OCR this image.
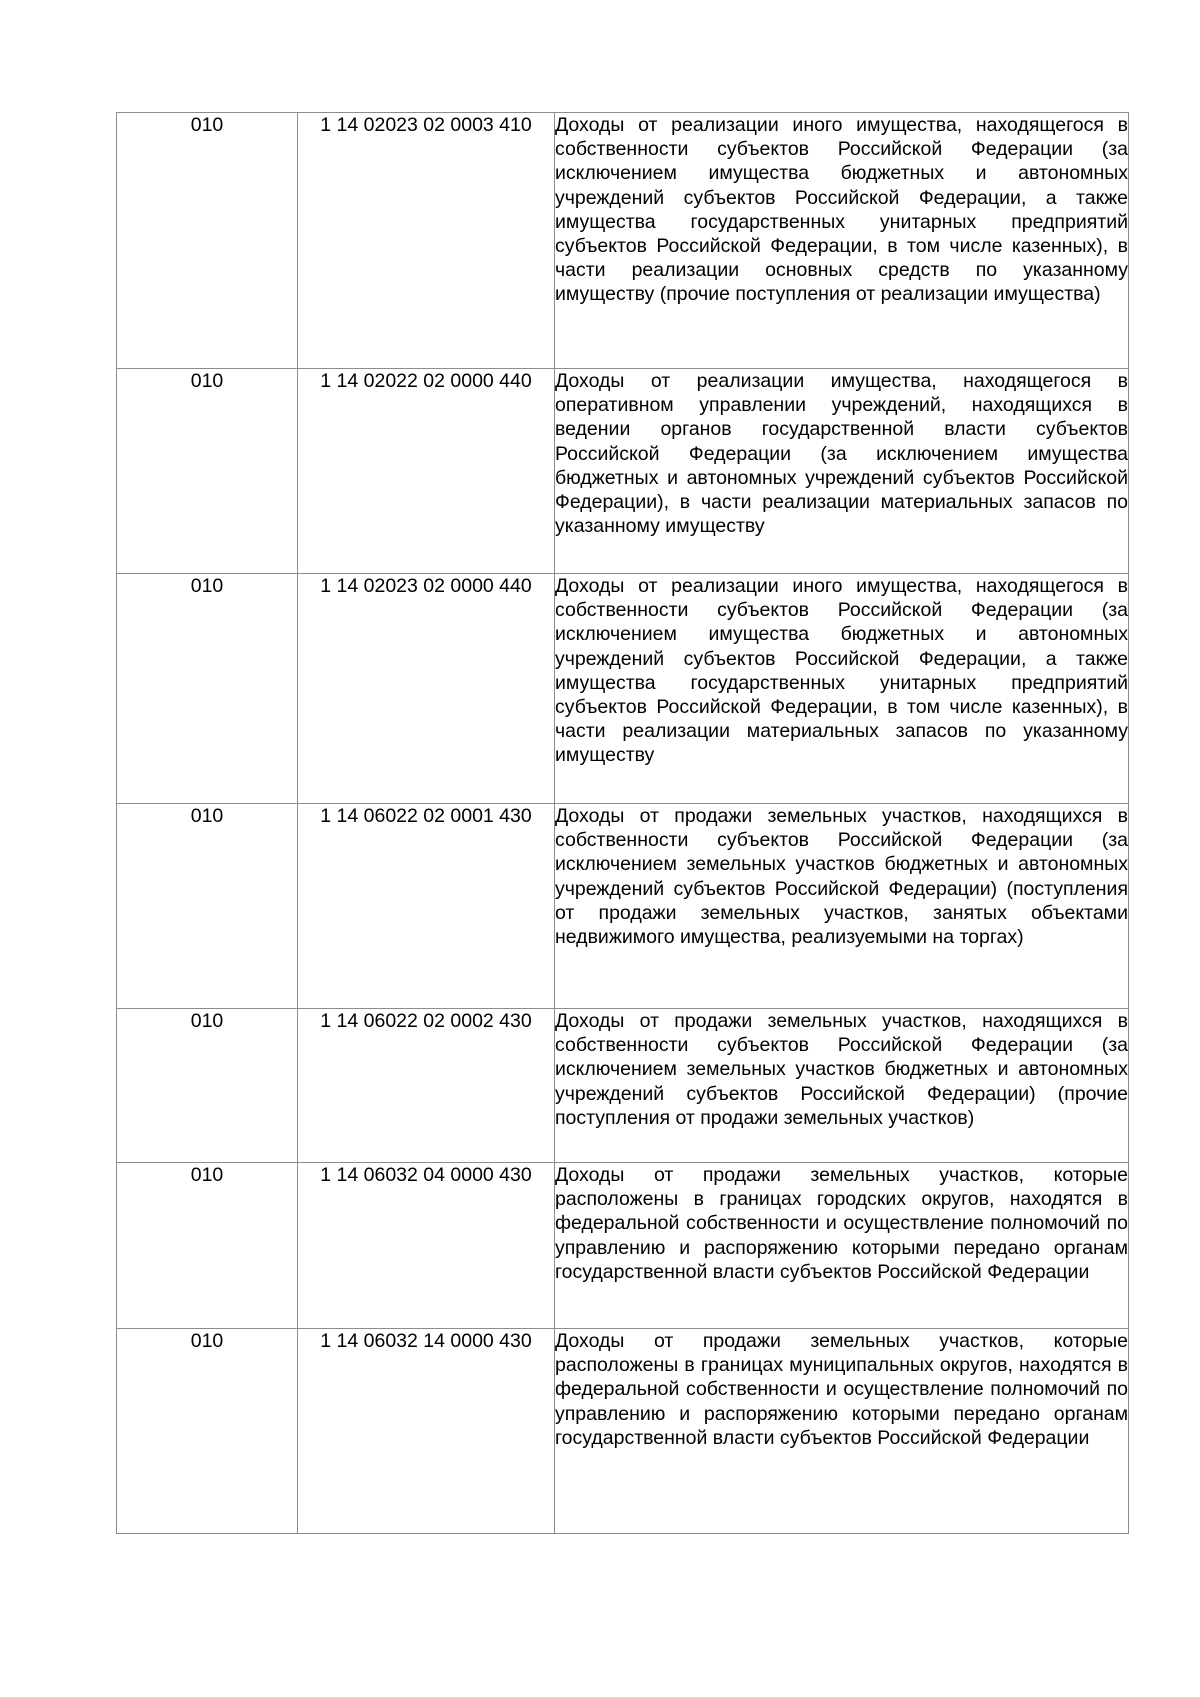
010	1 14 02023 02 0003 410	Доходы от реализации иного имущества, находящегося в собственности субъектов Российской Федерации (за исключением имущества бюджетных и автономных учреждений субъектов Российской Федерации, а также имущества государственных унитарных предприятий субъектов Российской Федерации, в том числе казенных), в части реализации основных средств по указанному имуществу (прочие поступления от реализации имущества)
010	1 14 02022 02 0000 440	Доходы от реализации имущества, находящегося в оперативном управлении учреждений, находящихся в ведении органов государственной власти субъектов Российской Федерации (за исключением имущества бюджетных и автономных учреждений субъектов Российской Федерации), в части реализации материальных запасов по указанному имуществу
010	1 14 02023 02 0000 440	Доходы от реализации иного имущества, находящегося в собственности субъектов Российской Федерации (за исключением имущества бюджетных и автономных учреждений субъектов Российской Федерации, а также имущества государственных унитарных предприятий субъектов Российской Федерации, в том числе казенных), в части реализации материальных запасов по указанному имуществу
010	1 14 06022 02 0001 430	Доходы от продажи земельных участков, находящихся в собственности субъектов Российской Федерации (за исключением земельных участков бюджетных и автономных учреждений субъектов Российской Федерации) (поступления от продажи земельных участков, занятых объектами недвижимого имущества, реализуемыми на торгах)
010	1 14 06022 02 0002 430	Доходы от продажи земельных участков, находящихся в собственности субъектов Российской Федерации (за исключением земельных участков бюджетных и автономных учреждений субъектов Российской Федерации) (прочие поступления от продажи земельных участков)
010	1 14 06032 04 0000 430	Доходы от продажи земельных участков, которые расположены в границах городских округов, находятся в федеральной собственности и осуществление полномочий по управлению и распоряжению которыми передано органам государственной власти субъектов Российской Федерации
010	1 14 06032 14 0000 430	Доходы от продажи земельных участков, которые расположены в границах муниципальных округов, находятся в федеральной собственности и осуществление полномочий по управлению и распоряжению которыми передано органам государственной власти субъектов Российской Федерации
